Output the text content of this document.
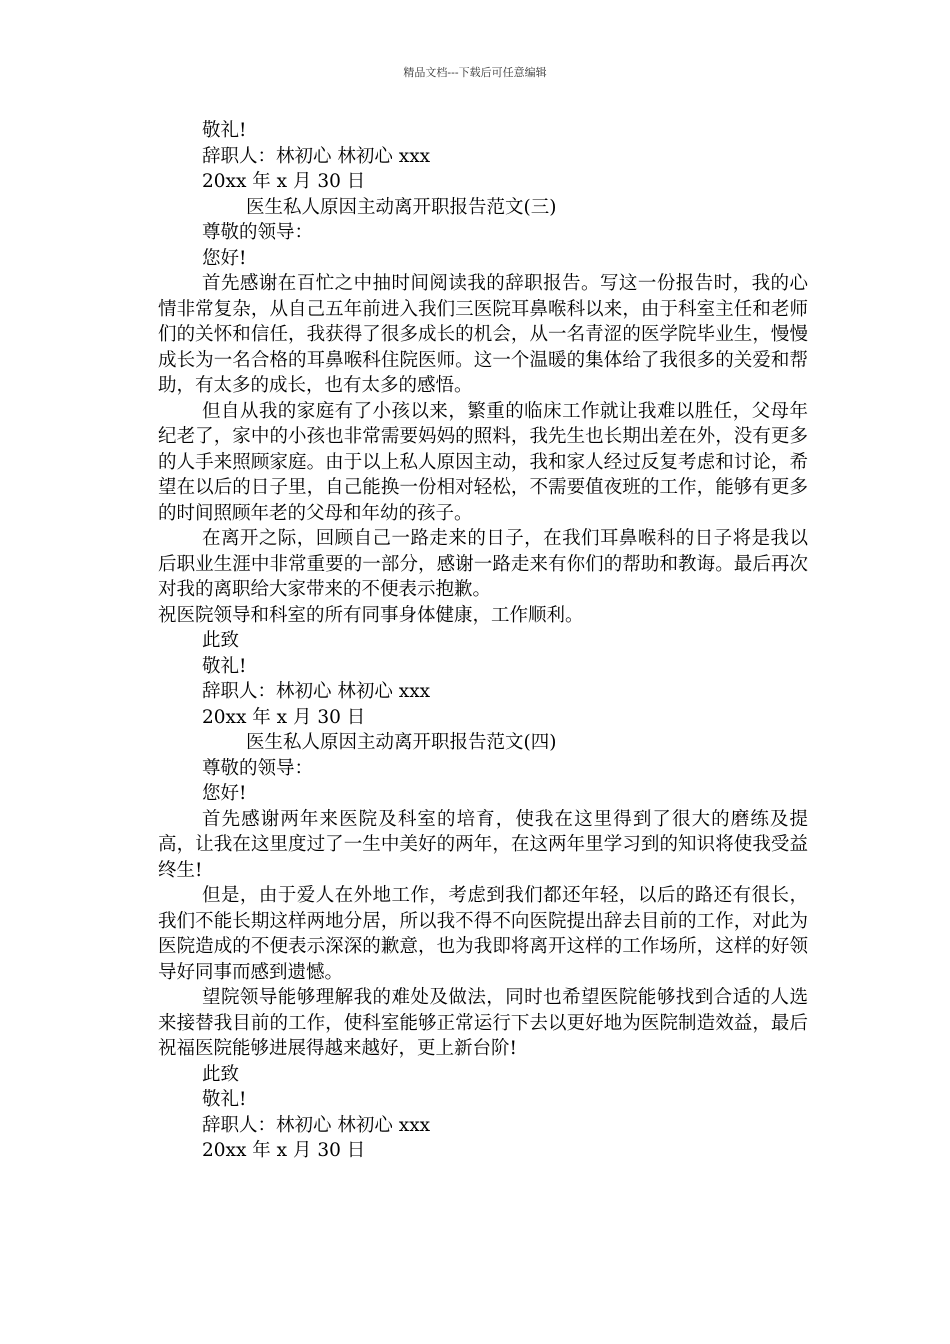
精品文档---下载后可任意编辑
敬礼!
辞职人：林初心 林初心 xxx
20xx 年 x 月 30 日
医生私人原因主动离开职报告范文(三)
尊敬的领导：
您好!
首先感谢在百忙之中抽时间阅读我的辞职报告。写这一份报告时，我的心情非常复杂，从自己五年前进入我们三医院耳鼻喉科以来，由于科室主任和老师们的关怀和信任，我获得了很多成长的机会，从一名青涩的医学院毕业生，慢慢成长为一名合格的耳鼻喉科住院医师。这一个温暖的集体给了我很多的关爱和帮助，有太多的成长，也有太多的感悟。
但自从我的家庭有了小孩以来，繁重的临床工作就让我难以胜任，父母年纪老了，家中的小孩也非常需要妈妈的照料，我先生也长期出差在外，没有更多的人手来照顾家庭。由于以上私人原因主动，我和家人经过反复考虑和讨论，希望在以后的日子里，自己能换一份相对轻松，不需要值夜班的工作，能够有更多的时间照顾年老的父母和年幼的孩子。
在离开之际，回顾自己一路走来的日子，在我们耳鼻喉科的日子将是我以后职业生涯中非常重要的一部分，感谢一路走来有你们的帮助和教诲。最后再次对我的离职给大家带来的不便表示抱歉。
祝医院领导和科室的所有同事身体健康，工作顺利。
此致
敬礼!
辞职人：林初心 林初心 xxx
20xx 年 x 月 30 日
医生私人原因主动离开职报告范文(四)
尊敬的领导：
您好!
首先感谢两年来医院及科室的培育，使我在这里得到了很大的磨练及提高，让我在这里度过了一生中美好的两年，在这两年里学习到的知识将使我受益终生!
但是，由于爱人在外地工作，考虑到我们都还年轻，以后的路还有很长，我们不能长期这样两地分居，所以我不得不向医院提出辞去目前的工作，对此为医院造成的不便表示深深的歉意，也为我即将离开这样的工作场所，这样的好领导好同事而感到遗憾。
望院领导能够理解我的难处及做法，同时也希望医院能够找到合适的人选来接替我目前的工作，使科室能够正常运行下去以更好地为医院制造效益，最后祝福医院能够进展得越来越好，更上新台阶!
此致
敬礼!
辞职人：林初心 林初心 xxx
20xx 年 x 月 30 日
